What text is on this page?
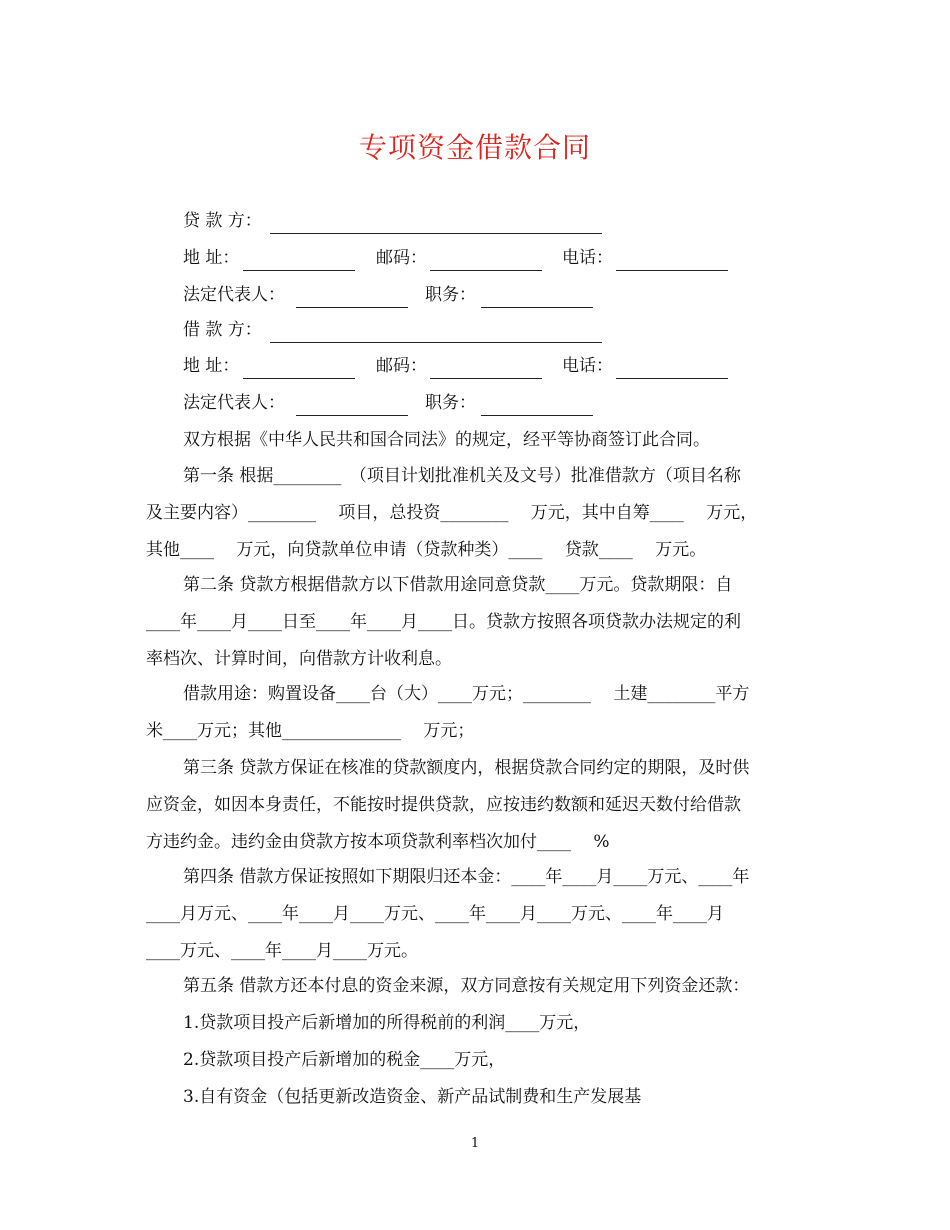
专项资金借款合同
贷 款 方：
地 址：	邮码：	电话：
法定代表人：	职务：
借 款 方：
地 址：	邮码：	电话：
法定代表人：	职务：
双方根据《中华人民共和国合同法》的规定，经平等协商签订此合同。
第一条 根据________　（项目计划批准机关及文号）批准借款方（项目名称
及主要内容）________　 项目，总投资________　 万元，其中自筹____　 万元，
其他____　 万元，向贷款单位申请（贷款种类）____　 贷款____　 万元。
第二条 贷款方根据借款方以下借款用途同意贷款____万元。贷款期限：自
____年____月____日至____年____月____日。贷款方按照各项贷款办法规定的利
率档次、计算时间，向借款方计收利息。
借款用途：购置设备____台（大）____万元；________　 土建________平方
米____万元；其他______________　 万元；
第三条 贷款方保证在核准的贷款额度内，根据贷款合同约定的期限，及时供
应资金，如因本身责任，不能按时提供贷款，应按违约数额和延迟天数付给借款
方违约金。违约金由贷款方按本项贷款利率档次加付____　 %
第四条 借款方保证按照如下期限归还本金：____年____月____万元、____年
____月万元、____年____月____万元、____年____月____万元、____年____月
____万元、____年____月____万元。
第五条 借款方还本付息的资金来源，双方同意按有关规定用下列资金还款：
1.贷款项目投产后新增加的所得税前的利润____万元，
2.贷款项目投产后新增加的税金____万元，
3.自有资金（包括更新改造资金、新产品试制费和生产发展基
1
